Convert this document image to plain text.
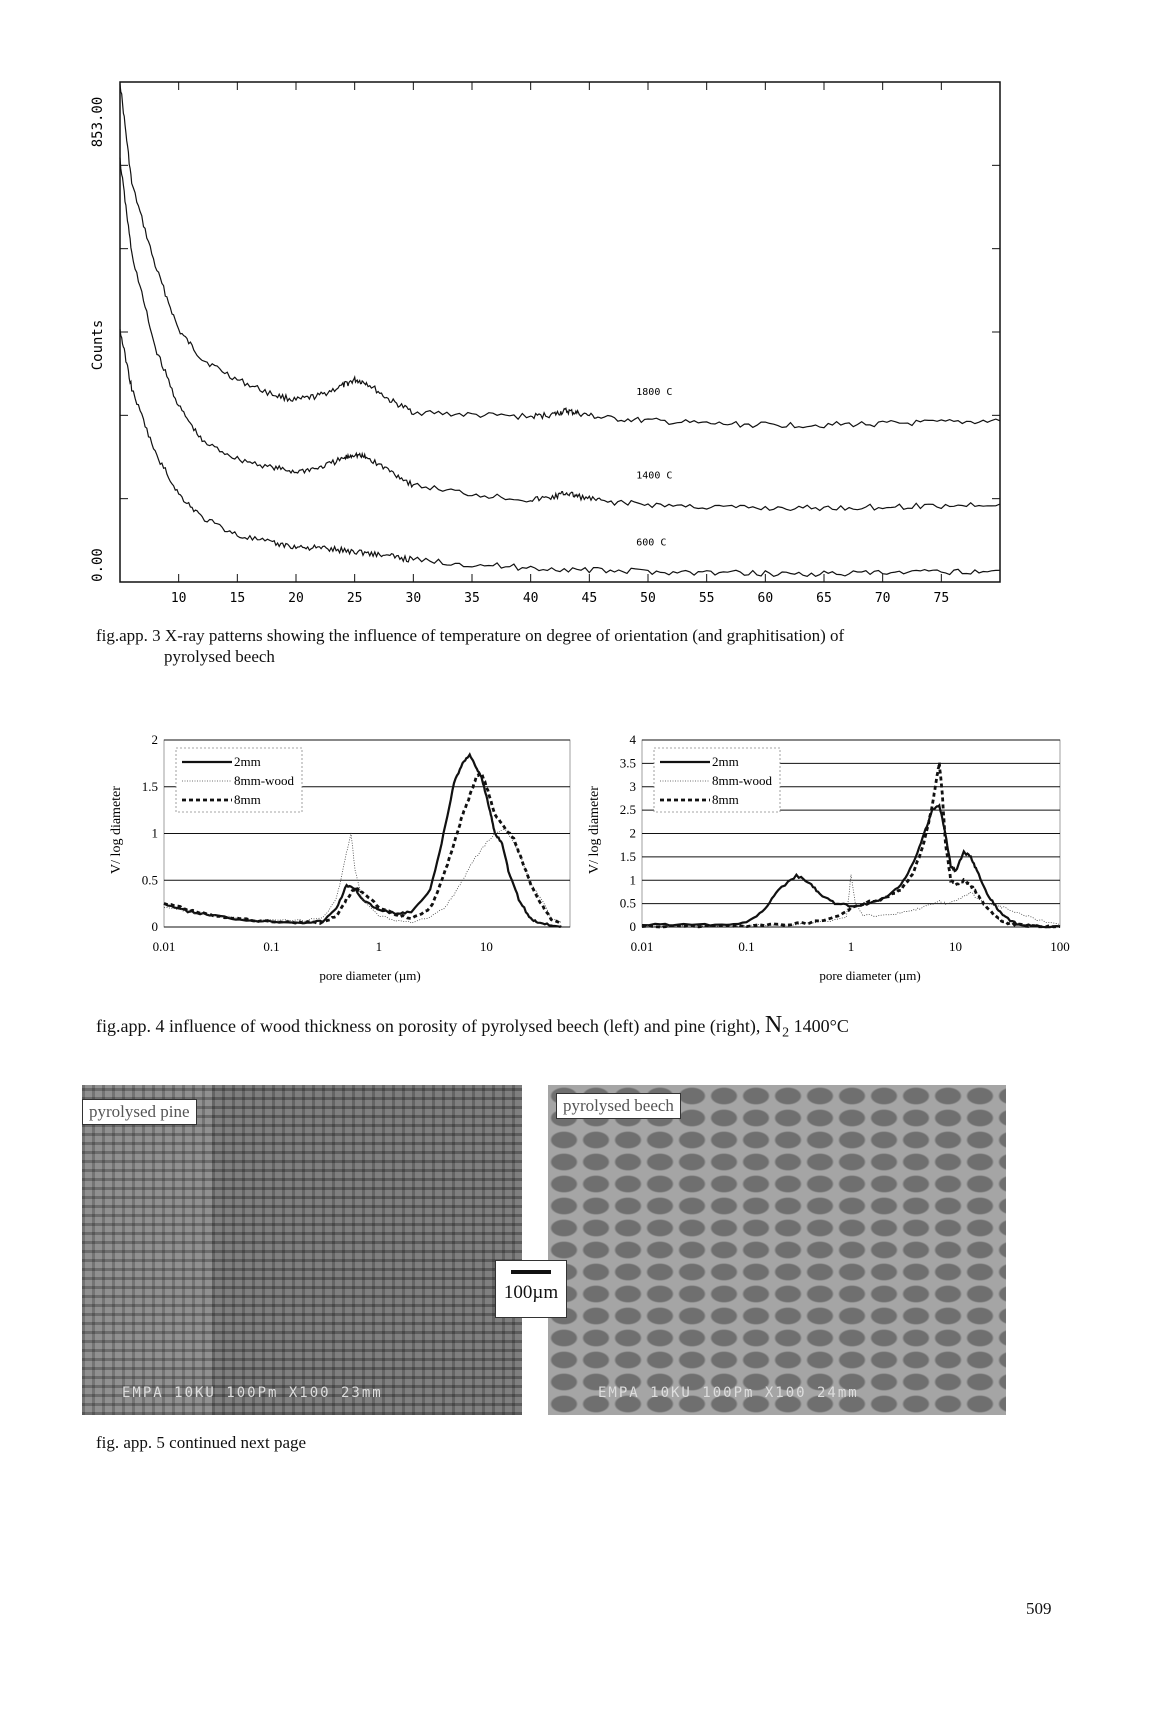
1800 C
1400 C
600 C
10	15	20	25	30	35	40	45	50	55	60	65	70	75
853.00
Counts
0.00
fig.app. 3 X-ray patterns showing the influence of temperature on degree of orientation (and graphitisation) of
pyrolysed beech
2
1.5
1
0.5
0
0.01	0.1	1	10
2mm
8mm-wood
8mm
V/ log diameter
pore diameter (µm)
4
3.5
3
2.5
2
1.5
1
0.5
0
0.01	0.1	1	10	100
2mm
8mm-wood
8mm
V/ log diameter
pore diameter (µm)
fig.app. 4 influence of wood thickness on porosity of pyrolysed beech (left) and pine (right), $N_2$ 1400°C
pyrolysed pine
EMPA 10KU 100Pm X100 23mm
pyrolysed beech
EMPA 10KU 100Pm X100 24mm
100µm
fig. app. 5 continued next page
509
